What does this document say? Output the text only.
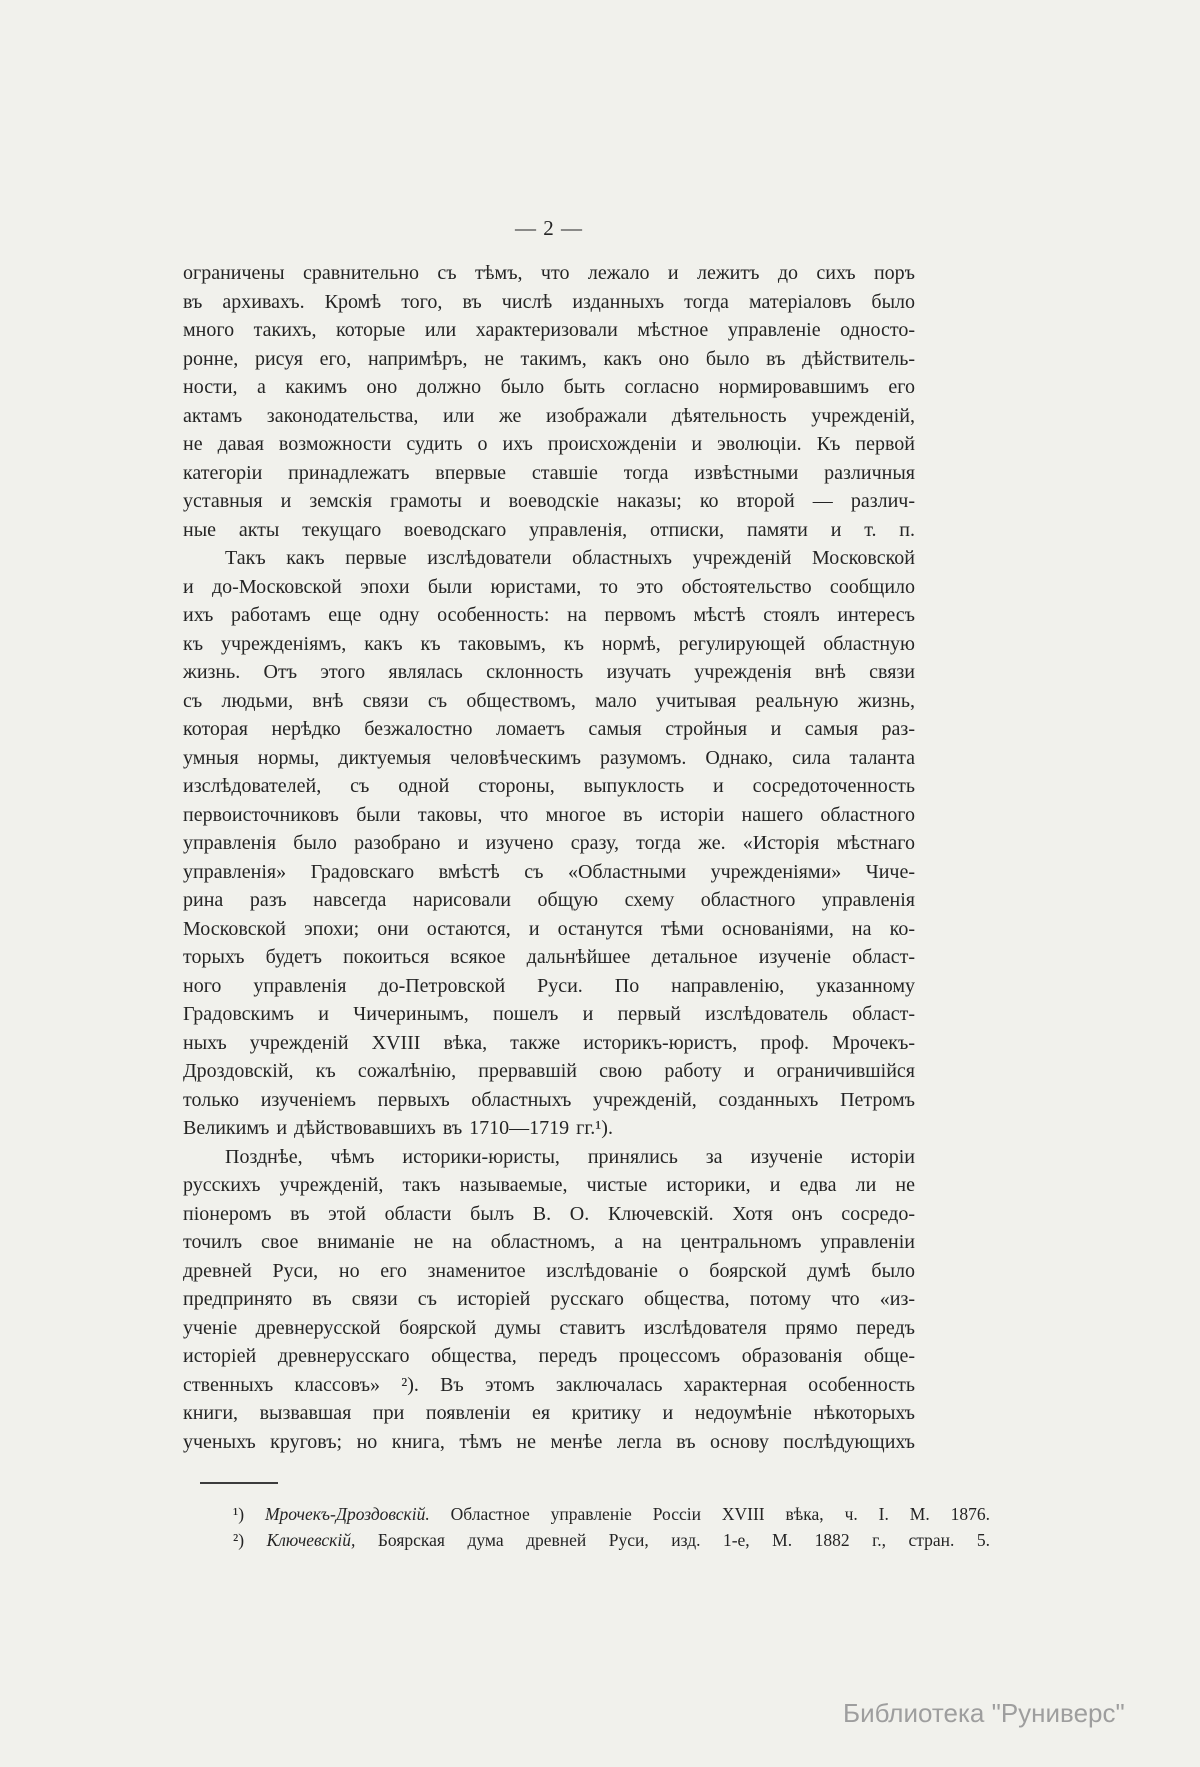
— 2 —
ограничены сравнительно съ тѣмъ, что лежало и лежитъ до сихъ поръ
въ архивахъ. Кромѣ того, въ числѣ изданныхъ тогда матеріаловъ было
много такихъ, которые или характеризовали мѣстное управленіе односто-
ронне, рисуя его, напримѣръ, не такимъ, какъ оно было въ дѣйствитель-
ности, а какимъ оно должно было быть согласно нормировавшимъ его
актамъ законодательства, или же изображали дѣятельность учрежденій,
не давая возможности судить о ихъ происхожденіи и эволюціи. Къ первой
категоріи принадлежатъ впервые ставшіе тогда извѣстными различныя
уставныя и земскія грамоты и воеводскіе наказы; ко второй — различ-
ные акты текущаго воеводскаго управленія, отписки, памяти и т. п.
Такъ какъ первые изслѣдователи областныхъ учрежденій Московской
и до-Московской эпохи были юристами, то это обстоятельство сообщило
ихъ работамъ еще одну особенность: на первомъ мѣстѣ стоялъ интересъ
къ учрежденіямъ, какъ къ таковымъ, къ нормѣ, регулирующей областную
жизнь. Отъ этого являлась склонность изучать учрежденія внѣ связи
съ людьми, внѣ связи съ обществомъ, мало учитывая реальную жизнь,
которая нерѣдко безжалостно ломаетъ самыя стройныя и самыя раз-
умныя нормы, диктуемыя человѣческимъ разумомъ. Однако, сила таланта
изслѣдователей, съ одной стороны, выпуклость и сосредоточенность
первоисточниковъ были таковы, что многое въ исторіи нашего областного
управленія было разобрано и изучено сразу, тогда же. «Исторія мѣстнаго
управленія» Градовскаго вмѣстѣ съ «Областными учрежденіями» Чиче-
рина разъ навсегда нарисовали общую схему областного управленія
Московской эпохи; они остаются, и останутся тѣми основаніями, на ко-
торыхъ будетъ покоиться всякое дальнѣйшее детальное изученіе област-
ного управленія до-Петровской Руси. По направленію, указанному
Градовскимъ и Чичеринымъ, пошелъ и первый изслѣдователь област-
ныхъ учрежденій XVIII вѣка, также историкъ-юристъ, проф. Мрочекъ-
Дроздовскій, къ сожалѣнію, прервавшій свою работу и ограничившійся
только изученіемъ первыхъ областныхъ учрежденій, созданныхъ Петромъ
Великимъ и дѣйствовавшихъ въ 1710—1719 гг.¹).
Позднѣе, чѣмъ историки-юристы, принялись за изученіе исторіи
русскихъ учрежденій, такъ называемые, чистые историки, и едва ли не
піонеромъ въ этой области былъ В. О. Ключевскій. Хотя онъ сосредо-
точилъ свое вниманіе не на областномъ, а на центральномъ управленіи
древней Руси, но его знаменитое изслѣдованіе о боярской думѣ было
предпринято въ связи съ исторіей русскаго общества, потому что «из-
ученіе древнерусской боярской думы ставитъ изслѣдователя прямо передъ
исторіей древнерусскаго общества, передъ процессомъ образованія обще-
ственныхъ классовъ» ²). Въ этомъ заключалась характерная особенность
книги, вызвавшая при появленіи ея критику и недоумѣніе нѣкоторыхъ
ученыхъ круговъ; но книга, тѣмъ не менѣе легла въ основу послѣдующихъ
¹) Мрочекъ-Дроздовскій. Областное управленіе Россіи XVIII вѣка, ч. I. М. 1876.
²) Ключевскій, Боярская дума древней Руси, изд. 1-е, М. 1882 г., стран. 5.
Библиотека "Руниверс"
